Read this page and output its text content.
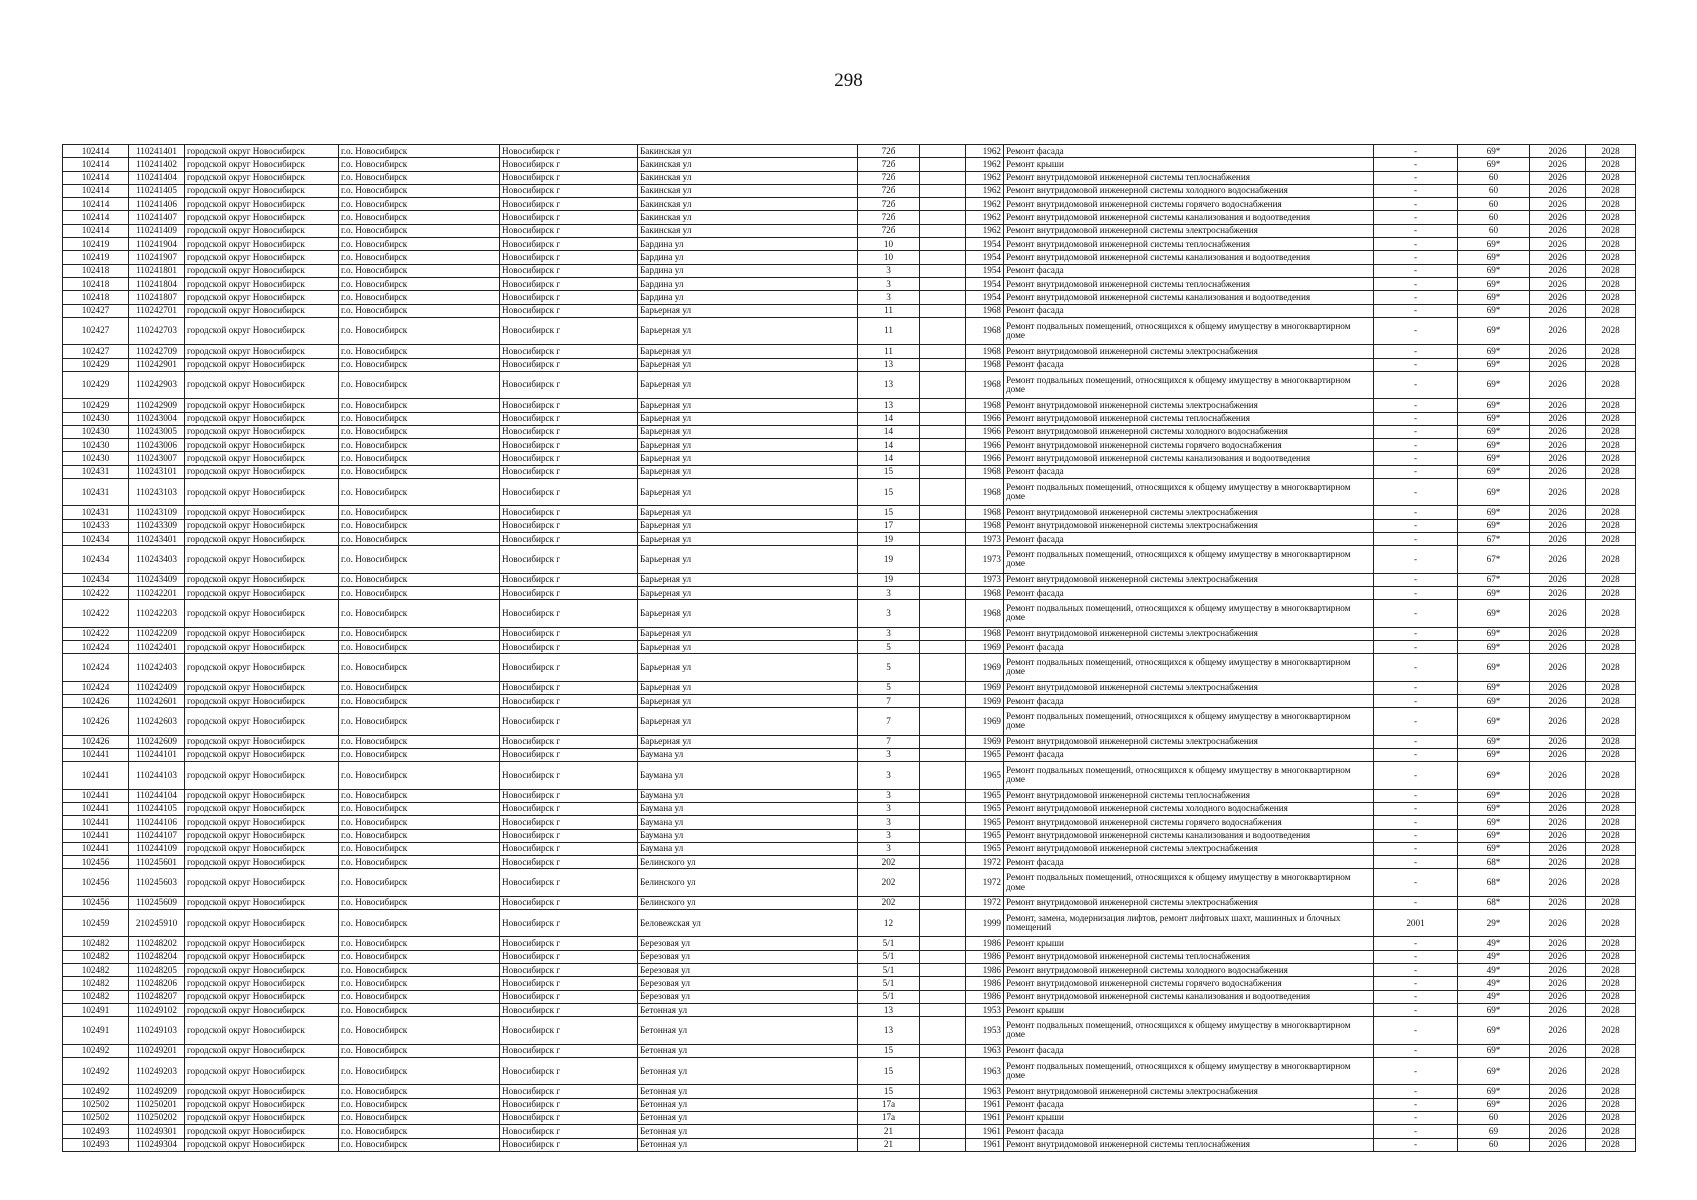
298
102414	110241401	городской округ Новосибирск	г.о. Новосибирск	Новосибирск г	Бакинская ул	72б		1962	Ремонт фасада	-	69*	2026	2028
102414	110241402	городской округ Новосибирск	г.о. Новосибирск	Новосибирск г	Бакинская ул	72б		1962	Ремонт крыши	-	69*	2026	2028
102414	110241404	городской округ Новосибирск	г.о. Новосибирск	Новосибирск г	Бакинская ул	72б		1962	Ремонт внутридомовой инженерной системы теплоснабжения	-	60	2026	2028
102414	110241405	городской округ Новосибирск	г.о. Новосибирск	Новосибирск г	Бакинская ул	72б		1962	Ремонт внутридомовой инженерной системы холодного водоснабжения	-	60	2026	2028
102414	110241406	городской округ Новосибирск	г.о. Новосибирск	Новосибирск г	Бакинская ул	72б		1962	Ремонт внутридомовой инженерной системы горячего водоснабжения	-	60	2026	2028
102414	110241407	городской округ Новосибирск	г.о. Новосибирск	Новосибирск г	Бакинская ул	72б		1962	Ремонт внутридомовой инженерной системы канализования и водоотведения	-	60	2026	2028
102414	110241409	городской округ Новосибирск	г.о. Новосибирск	Новосибирск г	Бакинская ул	72б		1962	Ремонт внутридомовой инженерной системы электроснабжения	-	60	2026	2028
102419	110241904	городской округ Новосибирск	г.о. Новосибирск	Новосибирск г	Бардина ул	10		1954	Ремонт внутридомовой инженерной системы теплоснабжения	-	69*	2026	2028
102419	110241907	городской округ Новосибирск	г.о. Новосибирск	Новосибирск г	Бардина ул	10		1954	Ремонт внутридомовой инженерной системы канализования и водоотведения	-	69*	2026	2028
102418	110241801	городской округ Новосибирск	г.о. Новосибирск	Новосибирск г	Бардина ул	3		1954	Ремонт фасада	-	69*	2026	2028
102418	110241804	городской округ Новосибирск	г.о. Новосибирск	Новосибирск г	Бардина ул	3		1954	Ремонт внутридомовой инженерной системы теплоснабжения	-	69*	2026	2028
102418	110241807	городской округ Новосибирск	г.о. Новосибирск	Новосибирск г	Бардина ул	3		1954	Ремонт внутридомовой инженерной системы канализования и водоотведения	-	69*	2026	2028
102427	110242701	городской округ Новосибирск	г.о. Новосибирск	Новосибирск г	Барьерная ул	11		1968	Ремонт фасада	-	69*	2026	2028
102427	110242703	городской округ Новосибирск	г.о. Новосибирск	Новосибирск г	Барьерная ул	11		1968	Ремонт подвальных помещений, относящихся к общему имуществу в многоквартирном доме	-	69*	2026	2028
102427	110242709	городской округ Новосибирск	г.о. Новосибирск	Новосибирск г	Барьерная ул	11		1968	Ремонт внутридомовой инженерной системы электроснабжения	-	69*	2026	2028
102429	110242901	городской округ Новосибирск	г.о. Новосибирск	Новосибирск г	Барьерная ул	13		1968	Ремонт фасада	-	69*	2026	2028
102429	110242903	городской округ Новосибирск	г.о. Новосибирск	Новосибирск г	Барьерная ул	13		1968	Ремонт подвальных помещений, относящихся к общему имуществу в многоквартирном доме	-	69*	2026	2028
102429	110242909	городской округ Новосибирск	г.о. Новосибирск	Новосибирск г	Барьерная ул	13		1968	Ремонт внутридомовой инженерной системы электроснабжения	-	69*	2026	2028
102430	110243004	городской округ Новосибирск	г.о. Новосибирск	Новосибирск г	Барьерная ул	14		1966	Ремонт внутридомовой инженерной системы теплоснабжения	-	69*	2026	2028
102430	110243005	городской округ Новосибирск	г.о. Новосибирск	Новосибирск г	Барьерная ул	14		1966	Ремонт внутридомовой инженерной системы холодного водоснабжения	-	69*	2026	2028
102430	110243006	городской округ Новосибирск	г.о. Новосибирск	Новосибирск г	Барьерная ул	14		1966	Ремонт внутридомовой инженерной системы горячего водоснабжения	-	69*	2026	2028
102430	110243007	городской округ Новосибирск	г.о. Новосибирск	Новосибирск г	Барьерная ул	14		1966	Ремонт внутридомовой инженерной системы канализования и водоотведения	-	69*	2026	2028
102431	110243101	городской округ Новосибирск	г.о. Новосибирск	Новосибирск г	Барьерная ул	15		1968	Ремонт фасада	-	69*	2026	2028
102431	110243103	городской округ Новосибирск	г.о. Новосибирск	Новосибирск г	Барьерная ул	15		1968	Ремонт подвальных помещений, относящихся к общему имуществу в многоквартирном доме	-	69*	2026	2028
102431	110243109	городской округ Новосибирск	г.о. Новосибирск	Новосибирск г	Барьерная ул	15		1968	Ремонт внутридомовой инженерной системы электроснабжения	-	69*	2026	2028
102433	110243309	городской округ Новосибирск	г.о. Новосибирск	Новосибирск г	Барьерная ул	17		1968	Ремонт внутридомовой инженерной системы электроснабжения	-	69*	2026	2028
102434	110243401	городской округ Новосибирск	г.о. Новосибирск	Новосибирск г	Барьерная ул	19		1973	Ремонт фасада	-	67*	2026	2028
102434	110243403	городской округ Новосибирск	г.о. Новосибирск	Новосибирск г	Барьерная ул	19		1973	Ремонт подвальных помещений, относящихся к общему имуществу в многоквартирном доме	-	67*	2026	2028
102434	110243409	городской округ Новосибирск	г.о. Новосибирск	Новосибирск г	Барьерная ул	19		1973	Ремонт внутридомовой инженерной системы электроснабжения	-	67*	2026	2028
102422	110242201	городской округ Новосибирск	г.о. Новосибирск	Новосибирск г	Барьерная ул	3		1968	Ремонт фасада	-	69*	2026	2028
102422	110242203	городской округ Новосибирск	г.о. Новосибирск	Новосибирск г	Барьерная ул	3		1968	Ремонт подвальных помещений, относящихся к общему имуществу в многоквартирном доме	-	69*	2026	2028
102422	110242209	городской округ Новосибирск	г.о. Новосибирск	Новосибирск г	Барьерная ул	3		1968	Ремонт внутридомовой инженерной системы электроснабжения	-	69*	2026	2028
102424	110242401	городской округ Новосибирск	г.о. Новосибирск	Новосибирск г	Барьерная ул	5		1969	Ремонт фасада	-	69*	2026	2028
102424	110242403	городской округ Новосибирск	г.о. Новосибирск	Новосибирск г	Барьерная ул	5		1969	Ремонт подвальных помещений, относящихся к общему имуществу в многоквартирном доме	-	69*	2026	2028
102424	110242409	городской округ Новосибирск	г.о. Новосибирск	Новосибирск г	Барьерная ул	5		1969	Ремонт внутридомовой инженерной системы электроснабжения	-	69*	2026	2028
102426	110242601	городской округ Новосибирск	г.о. Новосибирск	Новосибирск г	Барьерная ул	7		1969	Ремонт фасада	-	69*	2026	2028
102426	110242603	городской округ Новосибирск	г.о. Новосибирск	Новосибирск г	Барьерная ул	7		1969	Ремонт подвальных помещений, относящихся к общему имуществу в многоквартирном доме	-	69*	2026	2028
102426	110242609	городской округ Новосибирск	г.о. Новосибирск	Новосибирск г	Барьерная ул	7		1969	Ремонт внутридомовой инженерной системы электроснабжения	-	69*	2026	2028
102441	110244101	городской округ Новосибирск	г.о. Новосибирск	Новосибирск г	Баумана ул	3		1965	Ремонт фасада	-	69*	2026	2028
102441	110244103	городской округ Новосибирск	г.о. Новосибирск	Новосибирск г	Баумана ул	3		1965	Ремонт подвальных помещений, относящихся к общему имуществу в многоквартирном доме	-	69*	2026	2028
102441	110244104	городской округ Новосибирск	г.о. Новосибирск	Новосибирск г	Баумана ул	3		1965	Ремонт внутридомовой инженерной системы теплоснабжения	-	69*	2026	2028
102441	110244105	городской округ Новосибирск	г.о. Новосибирск	Новосибирск г	Баумана ул	3		1965	Ремонт внутридомовой инженерной системы холодного водоснабжения	-	69*	2026	2028
102441	110244106	городской округ Новосибирск	г.о. Новосибирск	Новосибирск г	Баумана ул	3		1965	Ремонт внутридомовой инженерной системы горячего водоснабжения	-	69*	2026	2028
102441	110244107	городской округ Новосибирск	г.о. Новосибирск	Новосибирск г	Баумана ул	3		1965	Ремонт внутридомовой инженерной системы канализования и водоотведения	-	69*	2026	2028
102441	110244109	городской округ Новосибирск	г.о. Новосибирск	Новосибирск г	Баумана ул	3		1965	Ремонт внутридомовой инженерной системы электроснабжения	-	69*	2026	2028
102456	110245601	городской округ Новосибирск	г.о. Новосибирск	Новосибирск г	Белинского ул	202		1972	Ремонт фасада	-	68*	2026	2028
102456	110245603	городской округ Новосибирск	г.о. Новосибирск	Новосибирск г	Белинского ул	202		1972	Ремонт подвальных помещений, относящихся к общему имуществу в многоквартирном доме	-	68*	2026	2028
102456	110245609	городской округ Новосибирск	г.о. Новосибирск	Новосибирск г	Белинского ул	202		1972	Ремонт внутридомовой инженерной системы электроснабжения	-	68*	2026	2028
102459	210245910	городской округ Новосибирск	г.о. Новосибирск	Новосибирск г	Беловежская ул	12		1999	Ремонт, замена, модернизация лифтов, ремонт лифтовых шахт, машинных и блочных помещений	2001	29*	2026	2028
102482	110248202	городской округ Новосибирск	г.о. Новосибирск	Новосибирск г	Березовая ул	5/1		1986	Ремонт крыши	-	49*	2026	2028
102482	110248204	городской округ Новосибирск	г.о. Новосибирск	Новосибирск г	Березовая ул	5/1		1986	Ремонт внутридомовой инженерной системы теплоснабжения	-	49*	2026	2028
102482	110248205	городской округ Новосибирск	г.о. Новосибирск	Новосибирск г	Березовая ул	5/1		1986	Ремонт внутридомовой инженерной системы холодного водоснабжения	-	49*	2026	2028
102482	110248206	городской округ Новосибирск	г.о. Новосибирск	Новосибирск г	Березовая ул	5/1		1986	Ремонт внутридомовой инженерной системы горячего водоснабжения	-	49*	2026	2028
102482	110248207	городской округ Новосибирск	г.о. Новосибирск	Новосибирск г	Березовая ул	5/1		1986	Ремонт внутридомовой инженерной системы канализования и водоотведения	-	49*	2026	2028
102491	110249102	городской округ Новосибирск	г.о. Новосибирск	Новосибирск г	Бетонная ул	13		1953	Ремонт крыши	-	69*	2026	2028
102491	110249103	городской округ Новосибирск	г.о. Новосибирск	Новосибирск г	Бетонная ул	13		1953	Ремонт подвальных помещений, относящихся к общему имуществу в многоквартирном доме	-	69*	2026	2028
102492	110249201	городской округ Новосибирск	г.о. Новосибирск	Новосибирск г	Бетонная ул	15		1963	Ремонт фасада	-	69*	2026	2028
102492	110249203	городской округ Новосибирск	г.о. Новосибирск	Новосибирск г	Бетонная ул	15		1963	Ремонт подвальных помещений, относящихся к общему имуществу в многоквартирном доме	-	69*	2026	2028
102492	110249209	городской округ Новосибирск	г.о. Новосибирск	Новосибирск г	Бетонная ул	15		1963	Ремонт внутридомовой инженерной системы электроснабжения	-	69*	2026	2028
102502	110250201	городской округ Новосибирск	г.о. Новосибирск	Новосибирск г	Бетонная ул	17а		1961	Ремонт фасада	-	69*	2026	2028
102502	110250202	городской округ Новосибирск	г.о. Новосибирск	Новосибирск г	Бетонная ул	17а		1961	Ремонт крыши	-	60	2026	2028
102493	110249301	городской округ Новосибирск	г.о. Новосибирск	Новосибирск г	Бетонная ул	21		1961	Ремонт фасада	-	69	2026	2028
102493	110249304	городской округ Новосибирск	г.о. Новосибирск	Новосибирск г	Бетонная ул	21		1961	Ремонт внутридомовой инженерной системы теплоснабжения	-	60	2026	2028
